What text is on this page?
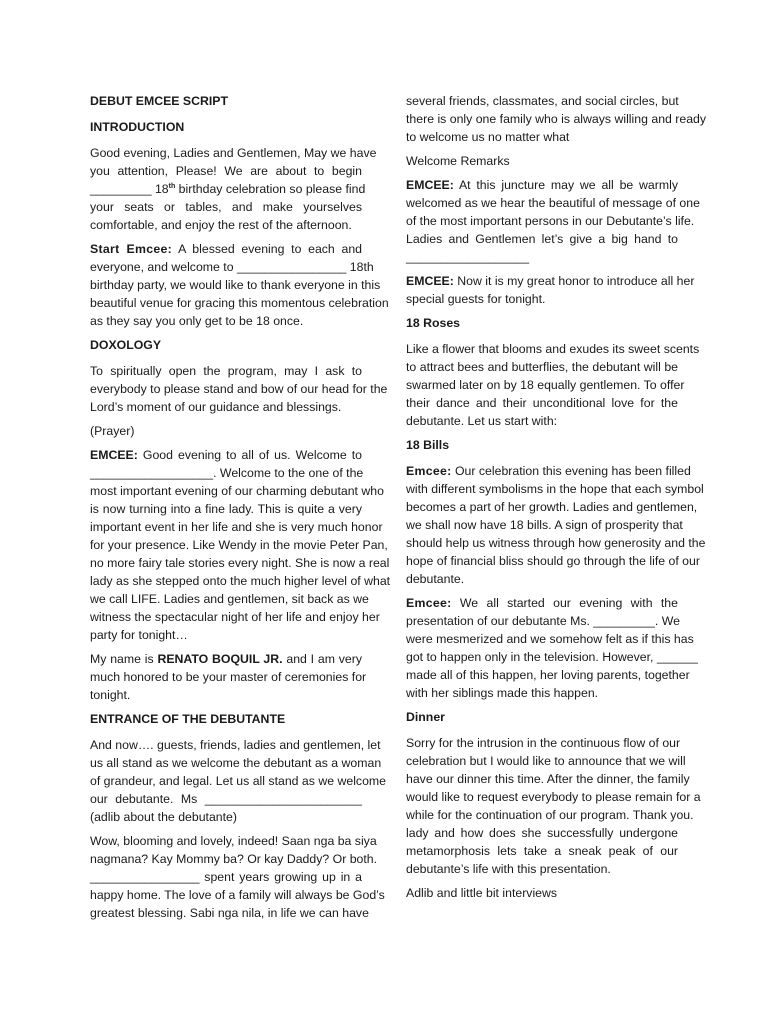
DEBUT EMCEE SCRIPT
INTRODUCTION
Good evening, Ladies and Gentlemen, May we have
you attention, Please! We are about to begin
_________ 18th birthday celebration so please find
your seats or tables, and make yourselves
comfortable, and enjoy the rest of the afternoon.
Start Emcee: A blessed evening to each and
everyone, and welcome to ________________ 18th
birthday party, we would like to thank everyone in this
beautiful venue for gracing this momentous celebration
as they say you only get to be 18 once.
DOXOLOGY
To spiritually open the program, may I ask to
everybody to please stand and bow of our head for the
Lord’s moment of our guidance and blessings.
(Prayer)
EMCEE: Good evening to all of us. Welcome to
__________________. Welcome to the one of the
most important evening of our charming debutant who
is now turning into a fine lady. This is quite a very
important event in her life and she is very much honor
for your presence. Like Wendy in the movie Peter Pan,
no more fairy tale stories every night. She is now a real
lady as she stepped onto the much higher level of what
we call LIFE. Ladies and gentlemen, sit back as we
witness the spectacular night of her life and enjoy her
party for tonight…
My name is RENATO BOQUIL JR. and I am very
much honored to be your master of ceremonies for
tonight.
ENTRANCE OF THE DEBUTANTE
And now…. guests, friends, ladies and gentlemen, let
us all stand as we welcome the debutant as a woman
of grandeur, and legal. Let us all stand as we welcome
our debutante. Ms _______________________
(adlib about the debutante)
Wow, blooming and lovely, indeed! Saan nga ba siya
nagmana? Kay Mommy ba? Or kay Daddy? Or both.
________________ spent years growing up in a
happy home. The love of a family will always be God’s
greatest blessing. Sabi nga nila, in life we can have
several friends, classmates, and social circles, but
there is only one family who is always willing and ready
to welcome us no matter what
Welcome Remarks
EMCEE: At this juncture may we all be warmly
welcomed as we hear the beautiful of message of one
of the most important persons in our Debutante’s life.
Ladies and Gentlemen let’s give a big hand to
__________________
EMCEE: Now it is my great honor to introduce all her
special guests for tonight.
18 Roses
Like a flower that blooms and exudes its sweet scents
to attract bees and butterflies, the debutant will be
swarmed later on by 18 equally gentlemen. To offer
their dance and their unconditional love for the
debutante. Let us start with:
18 Bills
Emcee: Our celebration this evening has been filled
with different symbolisms in the hope that each symbol
becomes a part of her growth. Ladies and gentlemen,
we shall now have 18 bills. A sign of prosperity that
should help us witness through how generosity and the
hope of financial bliss should go through the life of our
debutante.
Emcee: We all started our evening with the
presentation of our debutante Ms. _________. We
were mesmerized and we somehow felt as if this has
got to happen only in the television. However, ______
made all of this happen, her loving parents, together
with her siblings made this happen.
Dinner
Sorry for the intrusion in the continuous flow of our
celebration but I would like to announce that we will
have our dinner this time. After the dinner, the family
would like to request everybody to please remain for a
while for the continuation of our program. Thank you.
lady and how does she successfully undergone
metamorphosis lets take a sneak peak of our
debutante’s life with this presentation.
Adlib and little bit interviews
